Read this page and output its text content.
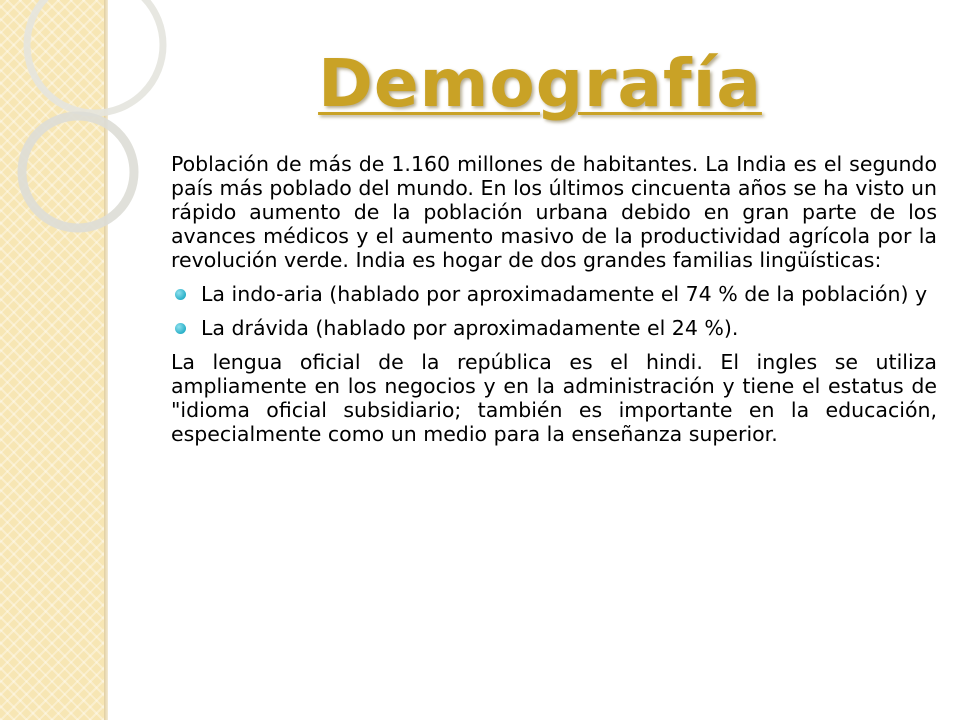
Demografía

Población de más de 1.160 millones de habitantes. La India es el segundo país más poblado del mundo. En los últimos cincuenta años se ha visto un rápido aumento de la población urbana debido en gran parte de los avances médicos y el aumento masivo de la productividad agrícola por la revolución verde. India es hogar de dos grandes familias lingüísticas:

La indo-aria (hablado por aproximadamente el 74 % de la población) y
La drávida (hablado por aproximadamente el 24 %).

La lengua oficial de la república es el hindi. El ingles se utiliza ampliamente en los negocios y en la administración y tiene el estatus de "idioma oficial subsidiario; también es importante en la educación, especialmente como un medio para la enseñanza superior.
